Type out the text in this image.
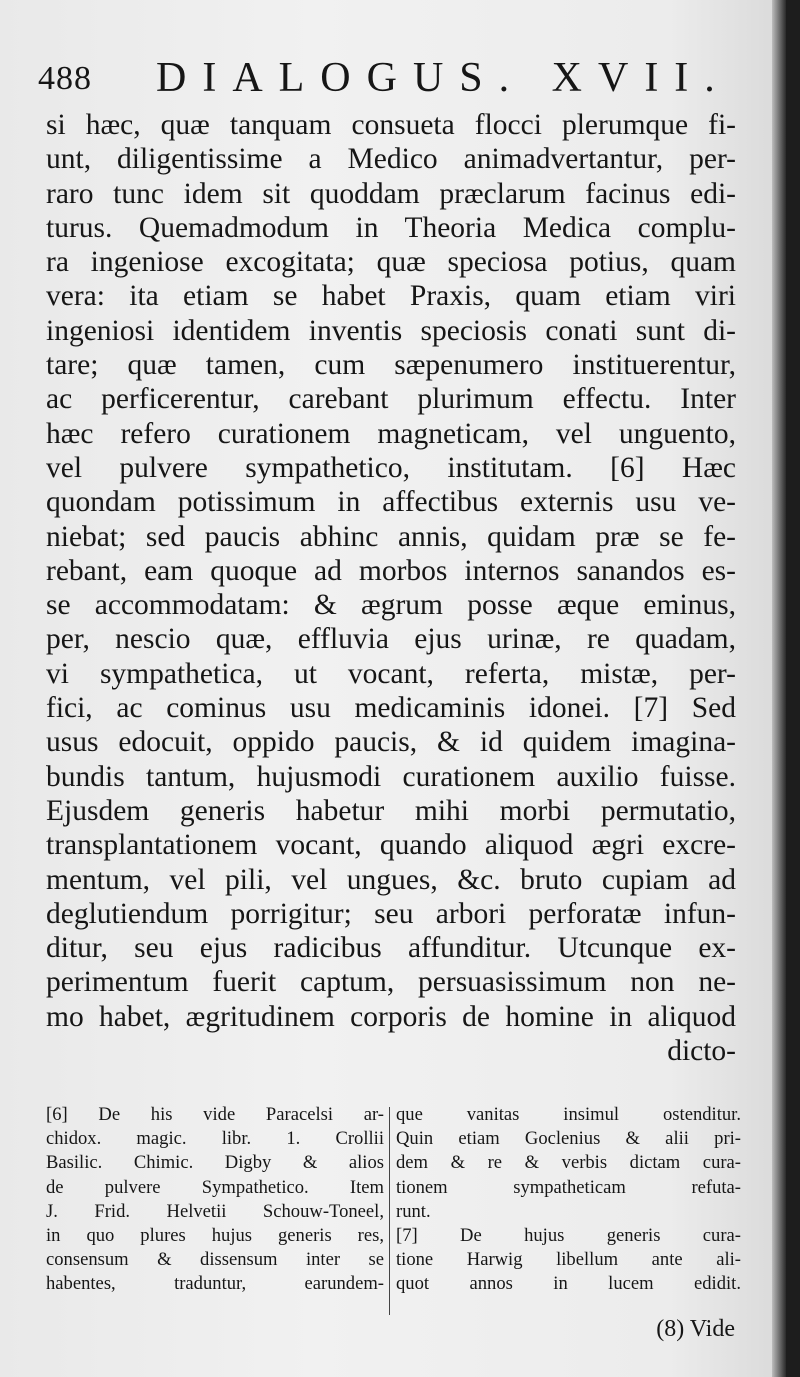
488 DIALOGUS. XVII.
si hæc, quæ tanquam consueta flocci plerumque fi-
unt, diligentissime a Medico animadvertantur, per-
raro tunc idem sit quoddam præclarum facinus edi-
turus. Quemadmodum in Theoria Medica complu-
ra ingeniose excogitata; quæ speciosa potius, quam
vera: ita etiam se habet Praxis, quam etiam viri
ingeniosi identidem inventis speciosis conati sunt di-
tare; quæ tamen, cum sæpenumero instituerentur,
ac perficerentur, carebant plurimum effectu. Inter
hæc refero curationem magneticam, vel unguento,
vel pulvere sympathetico, institutam. [6] Hæc
quondam potissimum in affectibus externis usu ve-
niebat; sed paucis abhinc annis, quidam præ se fe-
rebant, eam quoque ad morbos internos sanandos es-
se accommodatam: & ægrum posse æque eminus,
per, nescio quæ, effluvia ejus urinæ, re quadam,
vi sympathetica, ut vocant, referta, mistæ, per-
fici, ac cominus usu medicaminis idonei. [7] Sed
usus edocuit, oppido paucis, & id quidem imagina-
bundis tantum, hujusmodi curationem auxilio fuisse.
Ejusdem generis habetur mihi morbi permutatio,
transplantationem vocant, quando aliquod ægri excre-
mentum, vel pili, vel ungues, &c. bruto cupiam ad
deglutiendum porrigitur; seu arbori perforatæ infun-
ditur, seu ejus radicibus affunditur. Utcunque ex-
perimentum fuerit captum, persuasissimum non ne-
mo habet, ægritudinem corporis de homine in aliquod
dicto-
[6] De his vide Paracelsi ar-
chidox. magic. libr. 1. Crollii
Basilic. Chimic. Digby & alios
de pulvere Sympathetico. Item
J. Frid. Helvetii Schouw-Toneel,
in quo plures hujus generis res,
consensum & dissensum inter se
habentes, traduntur, earundem-
que vanitas insimul ostenditur.
Quin etiam Goclenius & alii pri-
dem & re & verbis dictam cura-
tionem sympatheticam refuta-
runt.
[7] De hujus generis cura-
tione Harwig libellum ante ali-
quot annos in lucem edidit.
(8) Vide
